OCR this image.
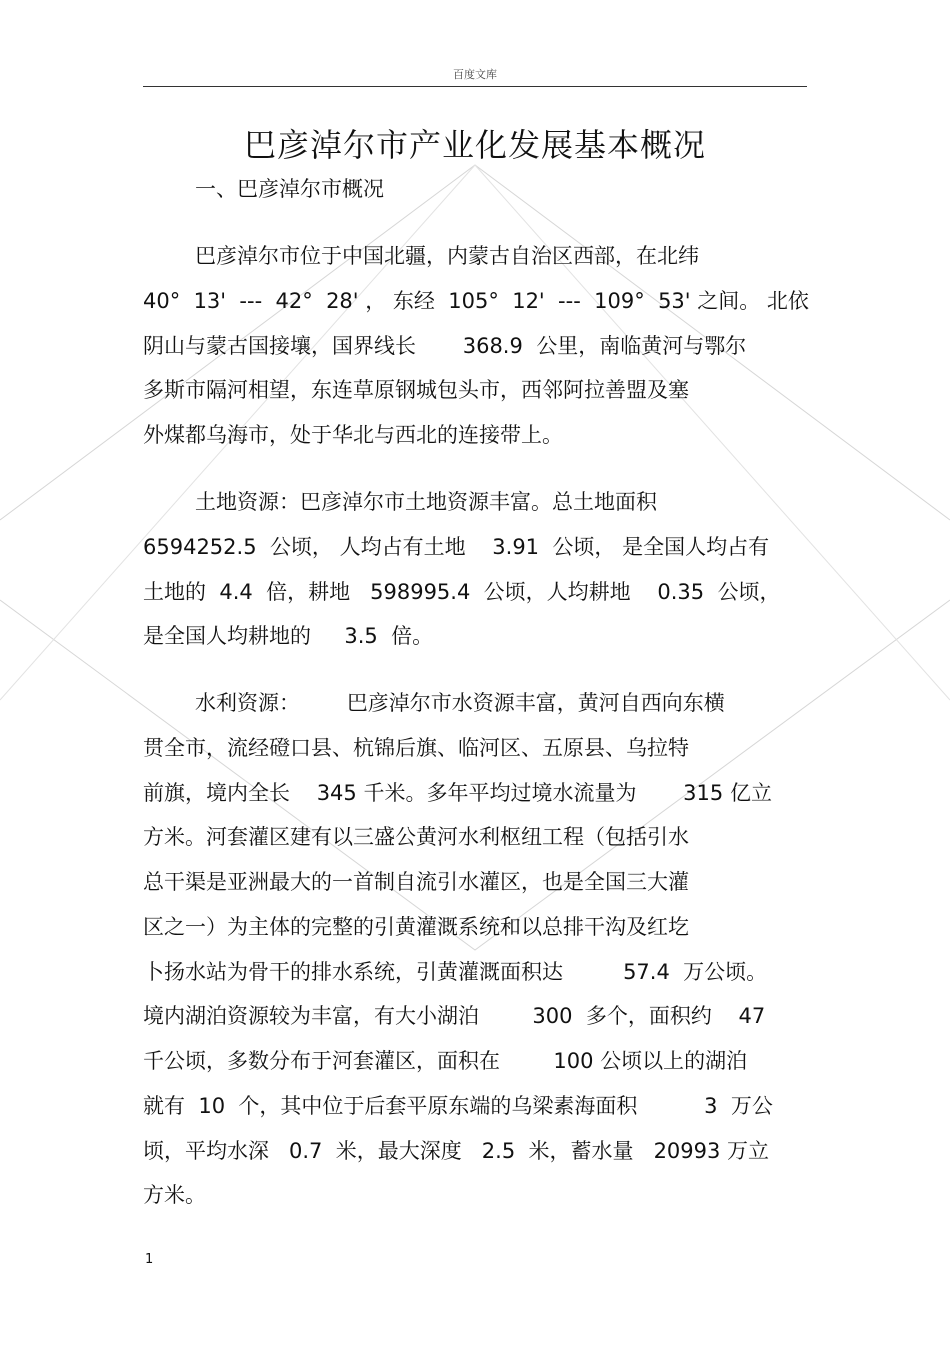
百度文库
巴彦淖尔市产业化发展基本概况
一、巴彦淖尔市概况
巴彦淖尔市位于中国北疆，内蒙古自治区西部，在北纬
40°  13'  ---  42°  28' ， 东经  105°  12'  ---  109°  53' 之间。 北依
阴山与蒙古国接壤，国界线长       368.9  公里，南临黄河与鄂尔
多斯市隔河相望，东连草原钢城包头市，西邻阿拉善盟及塞
外煤都乌海市，处于华北与西北的连接带上。
土地资源：巴彦淖尔市土地资源丰富。总土地面积
6594252.5  公顷， 人均占有土地    3.91  公顷， 是全国人均占有
土地的  4.4  倍，耕地   598995.4  公顷，人均耕地    0.35  公顷，
是全国人均耕地的     3.5  倍。
水利资源：       巴彦淖尔市水资源丰富，黄河自西向东横
贯全市，流经磴口县、杭锦后旗、临河区、五原县、乌拉特
前旗，境内全长    345 千米。多年平均过境水流量为       315 亿立
方米。河套灌区建有以三盛公黄河水利枢纽工程（包括引水
总干渠是亚洲最大的一首制自流引水灌区，也是全国三大灌
区之一）为主体的完整的引黄灌溉系统和以总排干沟及红圪
卜扬水站为骨干的排水系统，引黄灌溉面积达         57.4  万公顷。
境内湖泊资源较为丰富，有大小湖泊        300  多个，面积约    47
千公顷，多数分布于河套灌区，面积在        100 公顷以上的湖泊
就有  10  个，其中位于后套平原东端的乌梁素海面积          3  万公
顷，平均水深   0.7  米，最大深度   2.5  米，蓄水量   20993 万立
方米。
1
